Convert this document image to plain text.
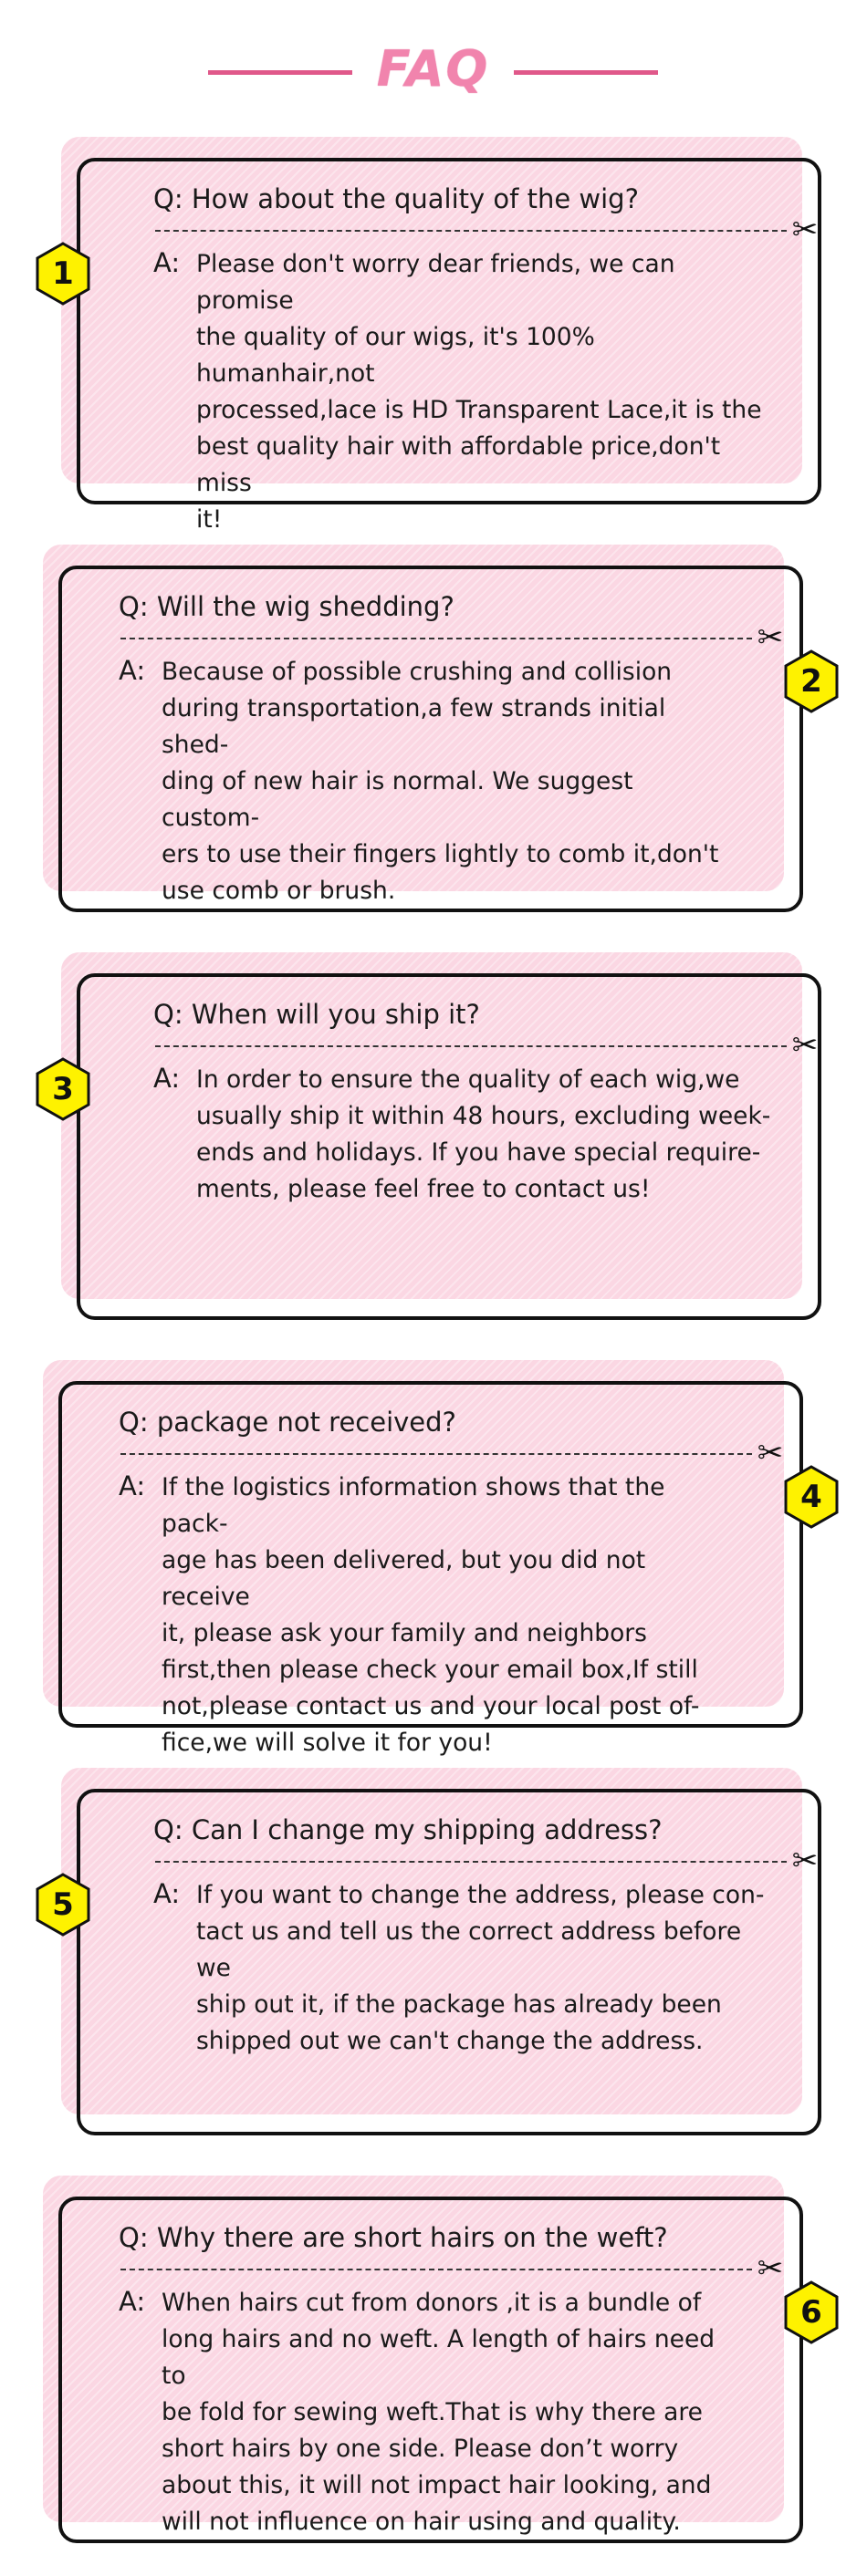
FAQ
Q: How about the quality of the wig?
✂
A: Please don't worry dear friends, we can promise
the quality of our wigs, it's 100% humanhair,not
processed,lace is HD Transparent Lace,it is the
best quality hair with affordable price,don't miss
it!
1
Q: Will the wig shedding?
✂
A: Because of possible crushing and collision
during transportation,a few strands initial shed-
ding of new hair is normal. We suggest custom-
ers to use their fingers lightly to comb it,don't
use comb or brush.
2
Q: When will you ship it?
✂
A: In order to ensure the quality of each wig,we
usually ship it within 48 hours, excluding week-
ends and holidays. If you have special require-
ments, please feel free to contact us!
3
Q: package not received?
✂
A: If the logistics information shows that the pack-
age has been delivered, but you did not receive
it, please ask your family and neighbors
first,then please check your email box,If still
not,please contact us and your local post of-
fice,we will solve it for you!
4
Q: Can I change my shipping address?
✂
A: If you want to change the address, please con-
tact us and tell us the correct address before we
ship out it, if the package has already been
shipped out we can't change the address.
5
Q: Why there are short hairs on the weft?
✂
A: When hairs cut from donors ,it is a bundle of
long hairs and no weft. A length of hairs need to
be fold for sewing weft.That is why there are
short hairs by one side. Please don’t worry
about this, it will not impact hair looking, and
will not influence on hair using and quality.
6
